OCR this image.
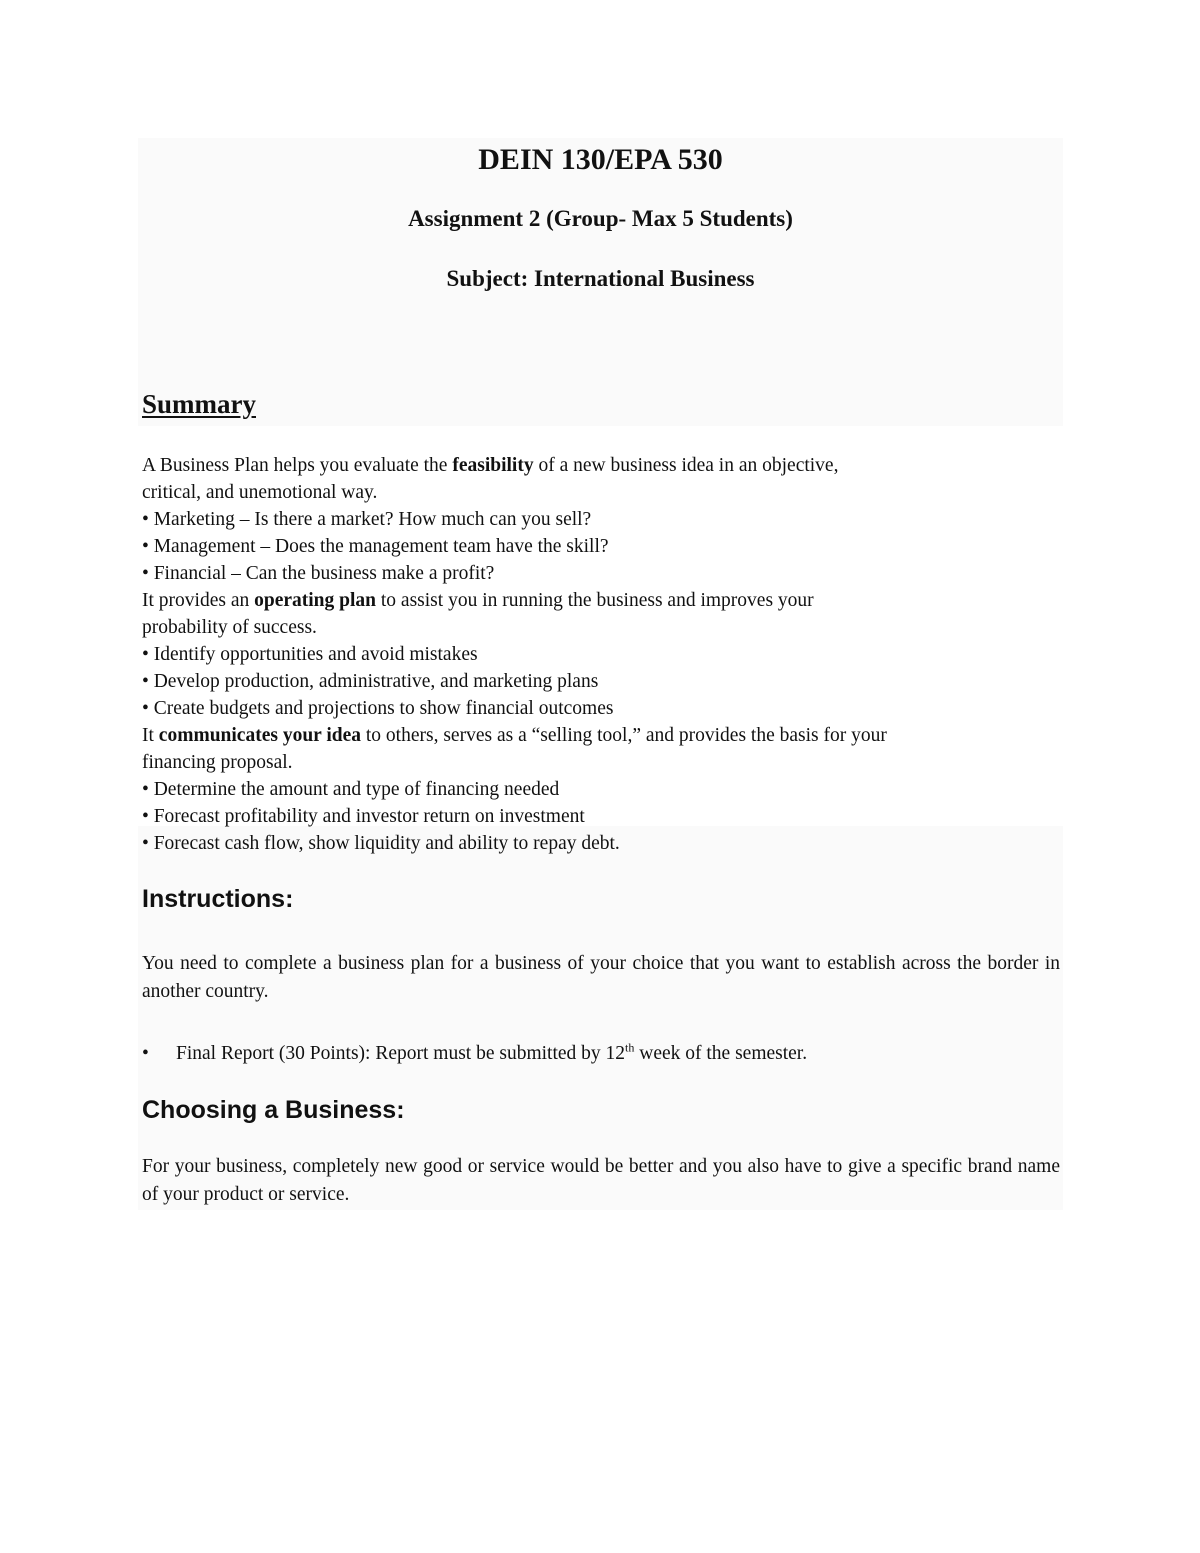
DEIN 130/EPA 530
Assignment 2 (Group- Max 5 Students)
Subject: International Business
Summary
A Business Plan helps you evaluate the feasibility of a new business idea in an objective,
critical, and unemotional way.
• Marketing – Is there a market? How much can you sell?
• Management – Does the management team have the skill?
• Financial – Can the business make a profit?
It provides an operating plan to assist you in running the business and improves your
probability of success.
• Identify opportunities and avoid mistakes
• Develop production, administrative, and marketing plans
• Create budgets and projections to show financial outcomes
It communicates your idea to others, serves as a “selling tool,” and provides the basis for your
financing proposal.
• Determine the amount and type of financing needed
• Forecast profitability and investor return on investment
• Forecast cash flow, show liquidity and ability to repay debt.
Instructions:
You need to complete a business plan for a business of your choice that you want to establish across the border in another country.
• Final Report (30 Points): Report must be submitted by 12th week of the semester.
Choosing a Business:
For your business, completely new good or service would be better and you also have to give a specific brand name of your product or service.
